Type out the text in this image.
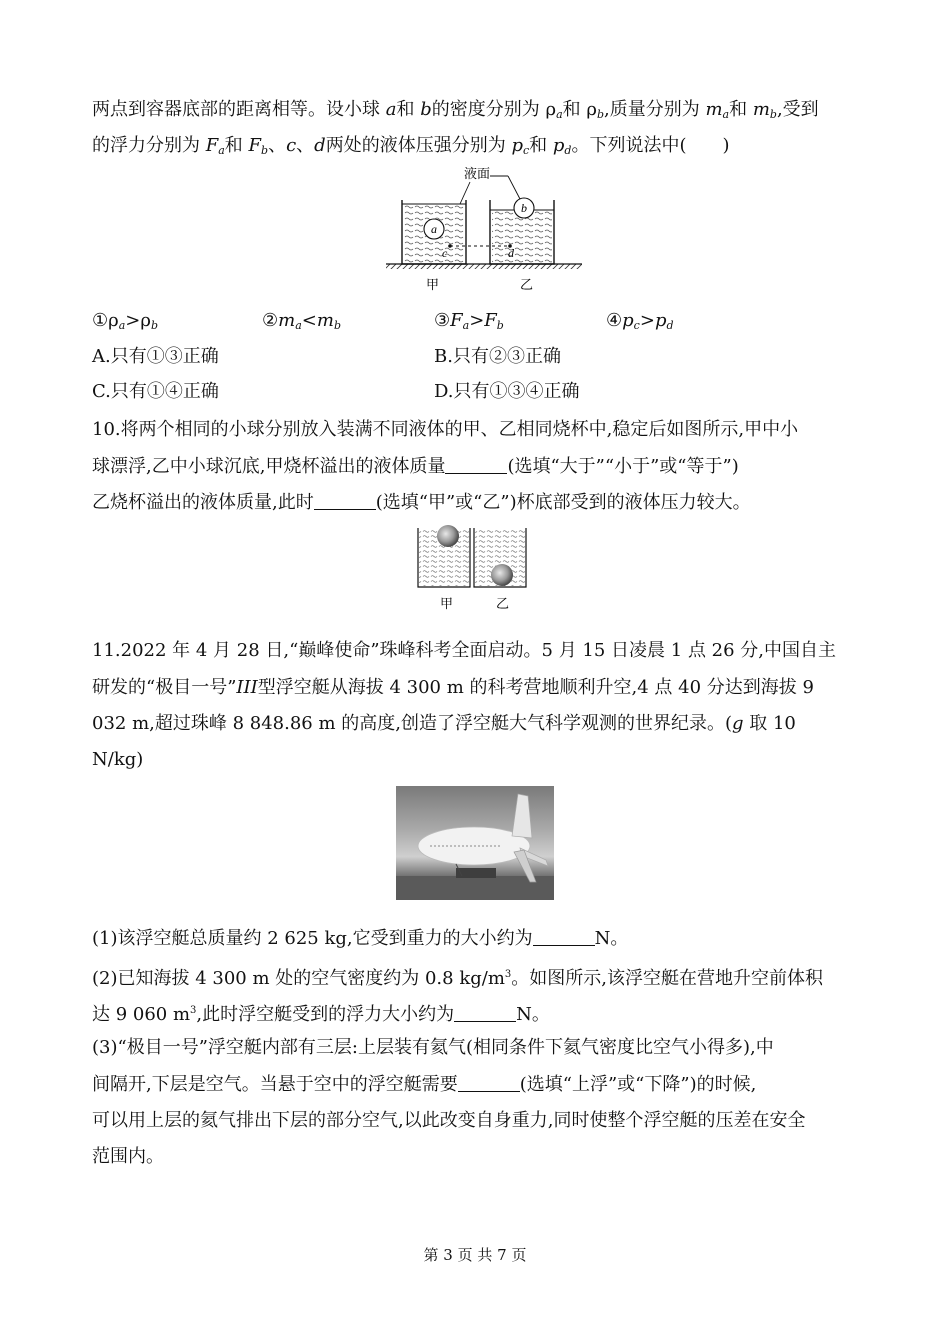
两点到容器底部的距离相等。设小球 a和 b的密度分别为 $\rho_a$和 $\rho_b$,质量分别为 $m_a$和 $m_b$,受到
的浮力分别为 $F_a$和 $F_b$、c、d两处的液体压强分别为 $p_c$和 $p_d$。下列说法中(　　)
a
b
c	d
液面
甲	乙
$①\rho_a>\rho_b$	$②m_a<m_b$	$③F_a>F_b$	$④p_c>p_d$
A.只有①③正确	B.只有②③正确
C.只有①④正确	D.只有①③④正确
10.将两个相同的小球分别放入装满不同液体的甲、乙相同烧杯中,稳定后如图所示,甲中小
球漂浮,乙中小球沉底,甲烧杯溢出的液体质量	(选填“大于”“小于”或“等于”)
乙烧杯溢出的液体质量,此时	(选填“甲”或“乙”)杯底部受到的液体压力较大。
甲	乙
11.2022 年 4 月 28 日,“巅峰使命”珠峰科考全面启动。5 月 15 日凌晨 1 点 26 分,中国自主
研发的“极目一号”III型浮空艇从海拔 4 300 m 的科考营地顺利升空,4 点 40 分达到海拔 9
032 m,超过珠峰 8 848.86 m 的高度,创造了浮空艇大气科学观测的世界纪录。(g 取 10
N/kg)
(1)该浮空艇总质量约 2 625 kg,它受到重力的大小约为	N。
(2)已知海拔 4 300 m 处的空气密度约为 0.8 $kg/m^3$。如图所示,该浮空艇在营地升空前体积
达 9 060 $m^3$,此时浮空艇受到的浮力大小约为	N。
(3)“极目一号”浮空艇内部有三层:上层装有氦气(相同条件下氦气密度比空气小得多),中
间隔开,下层是空气。当悬于空中的浮空艇需要	(选填“上浮”或“下降”)的时候,
可以用上层的氦气排出下层的部分空气,以此改变自身重力,同时使整个浮空艇的压差在安全
范围内。
第 3 页 共 7 页
